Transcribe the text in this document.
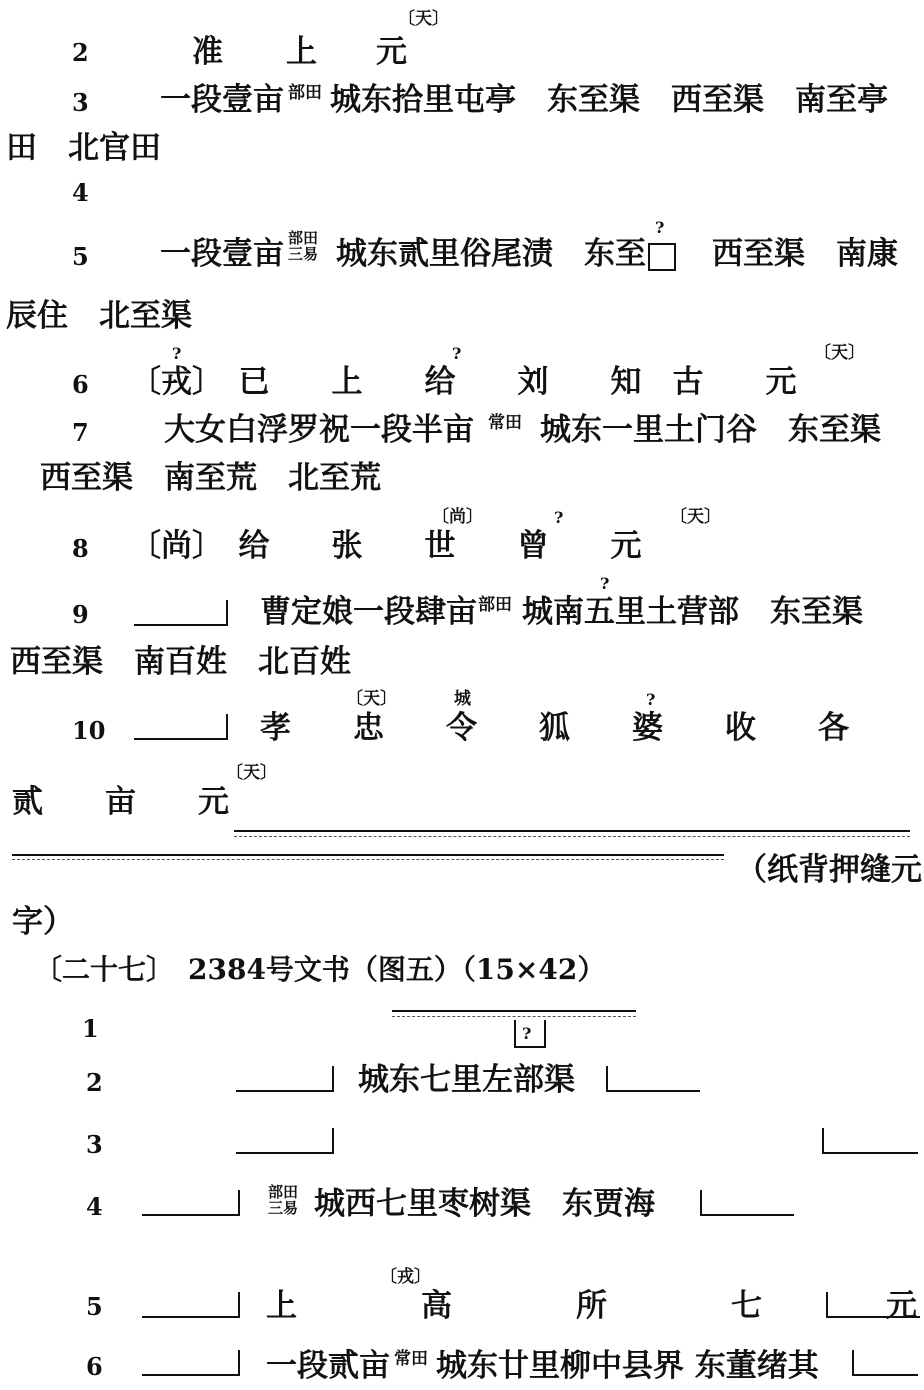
2	准 上 元
〔天〕
3 一段壹亩 部田 城东拾里屯亭　东至渠　西至渠　南至亭
田　北官田
4
5 一段壹亩 部田
三易 城东贰里俗尾渍　东至
?
西至渠　南康
辰住　北至渠
6 〔戎〕　已　　上　　给　　刘　　知　古　　元
?	?	〔天〕
7 大女白浮罗祝一段半亩 常田 城东一里土门谷　东至渠
西至渠　南至荒　北至荒
8 〔尚〕　给　　张　　世　　曾　　元
〔尚〕	?	〔天〕
9	曹定娘一段肆亩 部田 城南五里土营部　东至渠
?
西至渠　南百姓　北百姓
10	孝　　忠　　令　　狐　　婆　　收　　各
〔天〕	城	?
贰　　亩　　元
〔天〕
（纸背押缝元
字）
〔二十七〕　2384号文书（图五）（15×42）
1	?
2	城东七里左部渠
3
4	部田
三易 城西七里枣树渠　东贾海
5	上　　　　高　　　　所　　　　七　　　　元
〔戎〕
6	一段贰亩 常田 城东廿里柳中县界 东董绪其
